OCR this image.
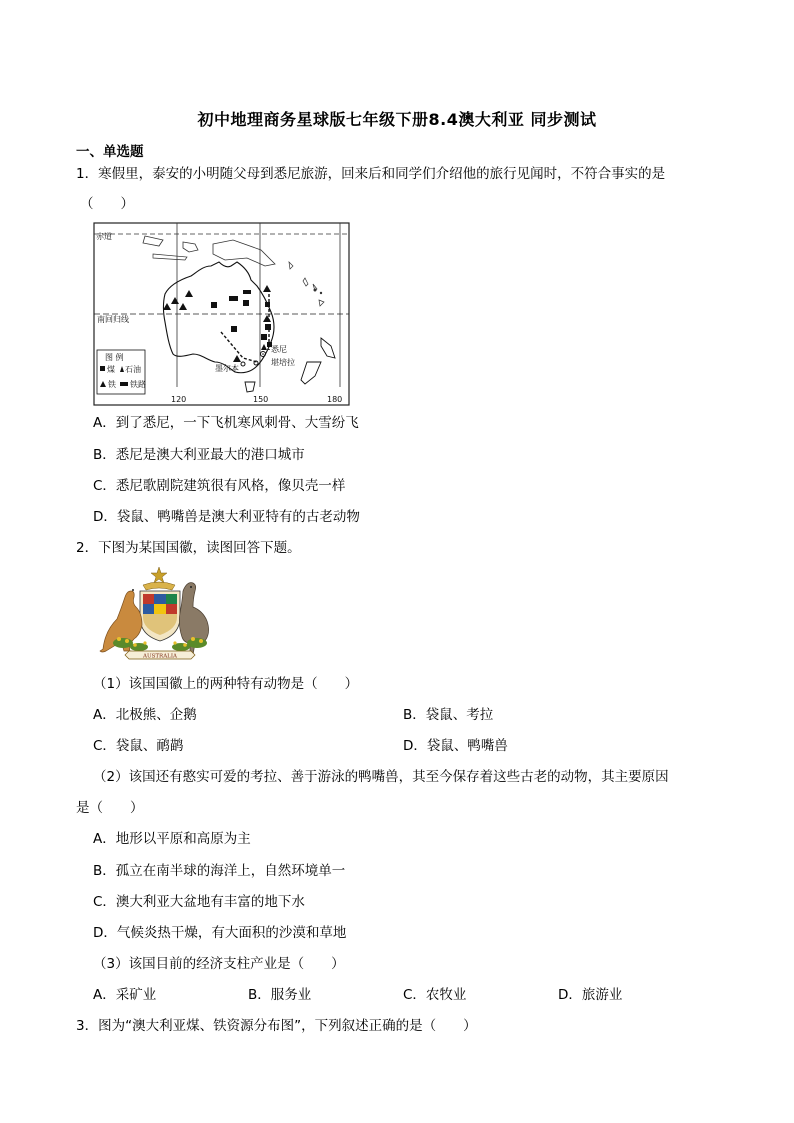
初中地理商务星球版七年级下册8.4澳大利亚 同步测试
一、单选题
1．寒假里，泰安的小明随父母到悉尼旅游，回来后和同学们介绍他的旅行见闻时，不符合事实的是
（　　）
赤道
南回归线
悉尼
堪培拉
墨尔本
图 例
煤 石油
铁 铁路
120	150	180
A．到了悉尼，一下飞机寒风刺骨、大雪纷飞
B．悉尼是澳大利亚最大的港口城市
C．悉尼歌剧院建筑很有风格，像贝壳一样
D．袋鼠、鸭嘴兽是澳大利亚特有的古老动物
2．下图为某国国徽，读图回答下题。
AUSTRALIA
（1）该国国徽上的两种特有动物是（　　）
A．北极熊、企鹅	B．袋鼠、考拉
C．袋鼠、鸸鹋	D．袋鼠、鸭嘴兽
（2）该国还有憨实可爱的考拉、善于游泳的鸭嘴兽，其至今保存着这些古老的动物，其主要原因
是（　　）
A．地形以平原和高原为主
B．孤立在南半球的海洋上，自然环境单一
C．澳大利亚大盆地有丰富的地下水
D．气候炎热干燥，有大面积的沙漠和草地
（3）该国目前的经济支柱产业是（　　）
A．采矿业	B．服务业	C．农牧业	D．旅游业
3．图为“澳大利亚煤、铁资源分布图”，下列叙述正确的是（　　）
